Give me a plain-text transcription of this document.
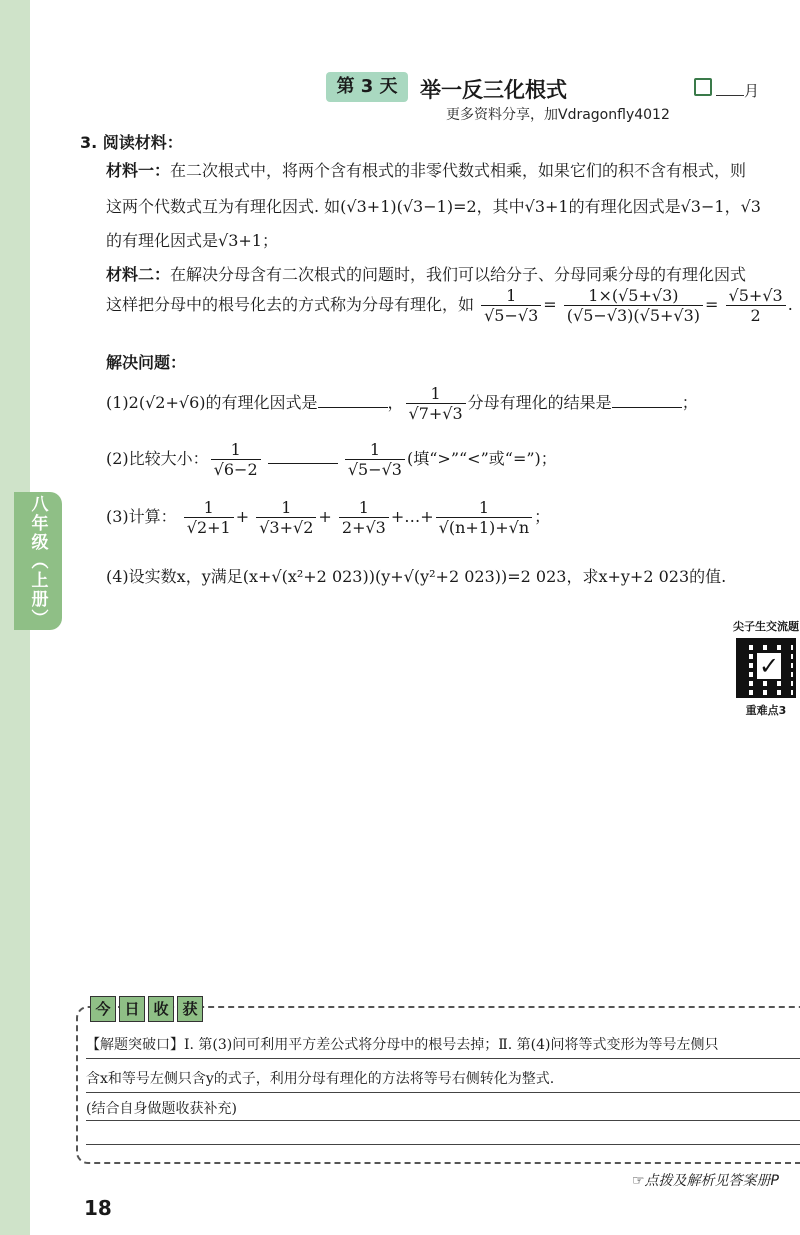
八年级（上册）
第 3 天	举一反三化根式
更多资料分享，加Vdragonfly4012
月
3. 阅读材料：
材料一：在二次根式中，将两个含有根式的非零代数式相乘，如果它们的积不含有根式，则
这两个代数式互为有理化因式. 如(√3+1)(√3−1)=2，其中√3+1的有理化因式是√3−1，√3
的有理化因式是√3+1；
材料二：在解决分母含有二次根式的问题时，我们可以给分子、分母同乘分母的有理化因式
这样把分母中的根号化去的方式称为分母有理化，如 $\frac{1}{√5-√3} = \frac{1\times(√5+√3)}{(√5-√3)(√5+√3)} = \frac{√5+√3}{2}$ .
解决问题：
(1)2(√2+√6)的有理化因式是	， $\frac{1}{√7+√3}$ 分母有理化的结果是	；
(2)比较大小： $\frac{1}{√6-2}$
	$\frac{1}{√5-√3}$ (填“>”“<”或“=”)；
(3)计算： $\frac{1}{√2+1} + \frac{1}{√3+√2} + \frac{1}{2+√3}$ +…+ $\frac{1}{√(n+1)+√n}$ ；
(4)设实数x，y满足(x+√(x²+2 023))(y+√(y²+2 023))=2 023，求x+y+2 023的值.
尖子生交流题
✓
重难点3
今 日 收 获
【解题突破口】Ⅰ. 第(3)问可利用平方差公式将分母中的根号去掉；Ⅱ. 第(4)问将等式变形为等号左侧只
含x和等号左侧只含y的式子，利用分母有理化的方法将等号右侧转化为整式.
(结合自身做题收获补充)
☞点拨及解析见答案册P
18
